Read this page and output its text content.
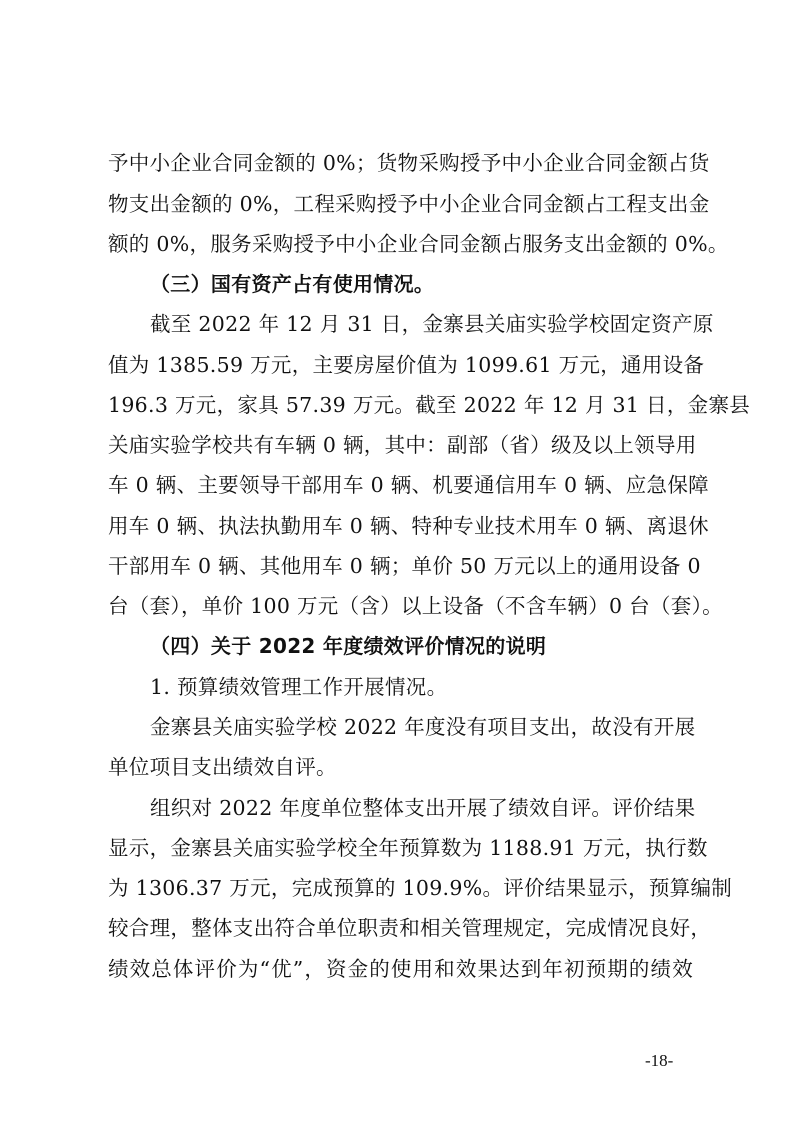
予中小企业合同金额的 0%；货物采购授予中小企业合同金额占货
物支出金额的 0%，工程采购授予中小企业合同金额占工程支出金
额的 0%，服务采购授予中小企业合同金额占服务支出金额的 0%。
（三）国有资产占有使用情况。
截至 2022 年 12 月 31 日，金寨县关庙实验学校固定资产原
值为 1385.59 万元，主要房屋价值为 1099.61 万元，通用设备
196.3 万元，家具 57.39 万元。截至 2022 年 12 月 31 日，金寨县
关庙实验学校共有车辆 0 辆，其中：副部（省）级及以上领导用
车 0 辆、主要领导干部用车 0 辆、机要通信用车 0 辆、应急保障
用车 0 辆、执法执勤用车 0 辆、特种专业技术用车 0 辆、离退休
干部用车 0 辆、其他用车 0 辆；单价 50 万元以上的通用设备 0
台（套），单价 100 万元（含）以上设备（不含车辆）0 台（套）。
（四）关于 2022 年度绩效评价情况的说明
1. 预算绩效管理工作开展情况。
金寨县关庙实验学校 2022 年度没有项目支出，故没有开展
单位项目支出绩效自评。
组织对 2022 年度单位整体支出开展了绩效自评。评价结果
显示，金寨县关庙实验学校全年预算数为 1188.91 万元，执行数
为 1306.37 万元，完成预算的 109.9%。评价结果显示，预算编制
较合理，整体支出符合单位职责和相关管理规定，完成情况良好，
绩效总体评价为“优”，资金的使用和效果达到年初预期的绩效
-18-
